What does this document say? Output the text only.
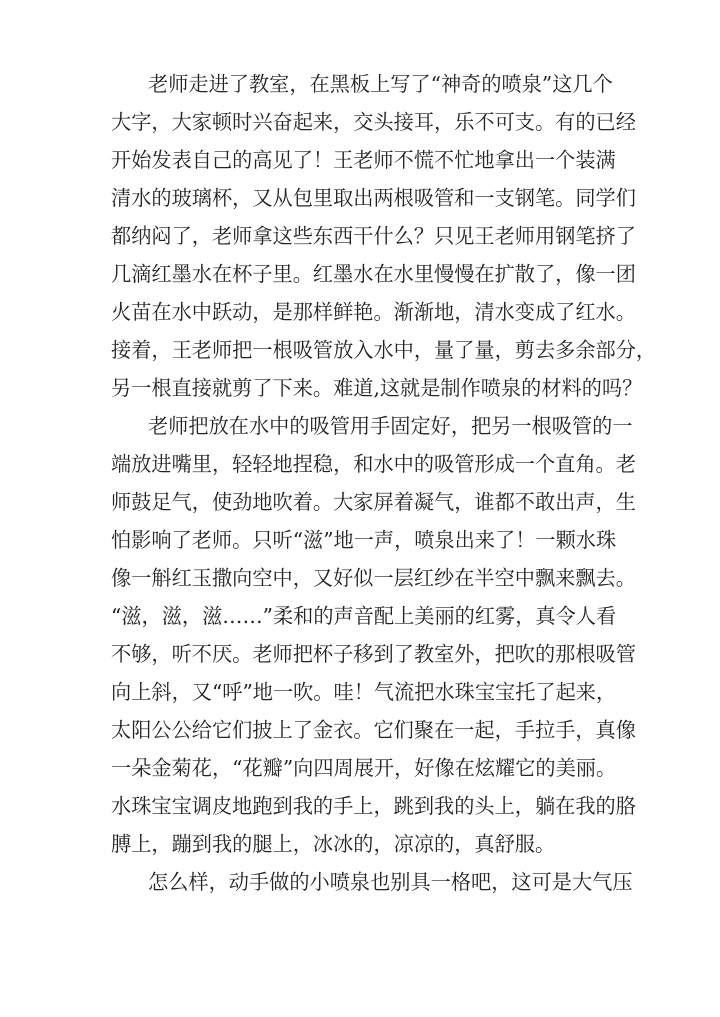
老师走进了教室，在黑板上写了“神奇的喷泉”这几个
大字，大家顿时兴奋起来，交头接耳，乐不可支。有的已经
开始发表自己的高见了！王老师不慌不忙地拿出一个装满
清水的玻璃杯，又从包里取出两根吸管和一支钢笔。同学们
都纳闷了，老师拿这些东西干什么？只见王老师用钢笔挤了
几滴红墨水在杯子里。红墨水在水里慢慢在扩散了，像一团
火苗在水中跃动，是那样鲜艳。渐渐地，清水变成了红水。
接着，王老师把一根吸管放入水中，量了量，剪去多余部分，
另一根直接就剪了下来。难道,这就是制作喷泉的材料的吗？
老师把放在水中的吸管用手固定好，把另一根吸管的一
端放进嘴里，轻轻地捏稳，和水中的吸管形成一个直角。老
师鼓足气，使劲地吹着。大家屏着凝气，谁都不敢出声，生
怕影响了老师。只听“滋”地一声，喷泉出来了！一颗水珠
像一斛红玉撒向空中，又好似一层红纱在半空中飘来飘去。
“滋，滋，滋……”柔和的声音配上美丽的红雾，真令人看
不够，听不厌。老师把杯子移到了教室外，把吹的那根吸管
向上斜，又“呼”地一吹。哇！气流把水珠宝宝托了起来，
太阳公公给它们披上了金衣。它们聚在一起，手拉手，真像
一朵金菊花，“花瓣”向四周展开，好像在炫耀它的美丽。
水珠宝宝调皮地跑到我的手上，跳到我的头上，躺在我的胳
膊上，蹦到我的腿上，冰冰的，凉凉的，真舒服。
怎么样，动手做的小喷泉也别具一格吧，这可是大气压
